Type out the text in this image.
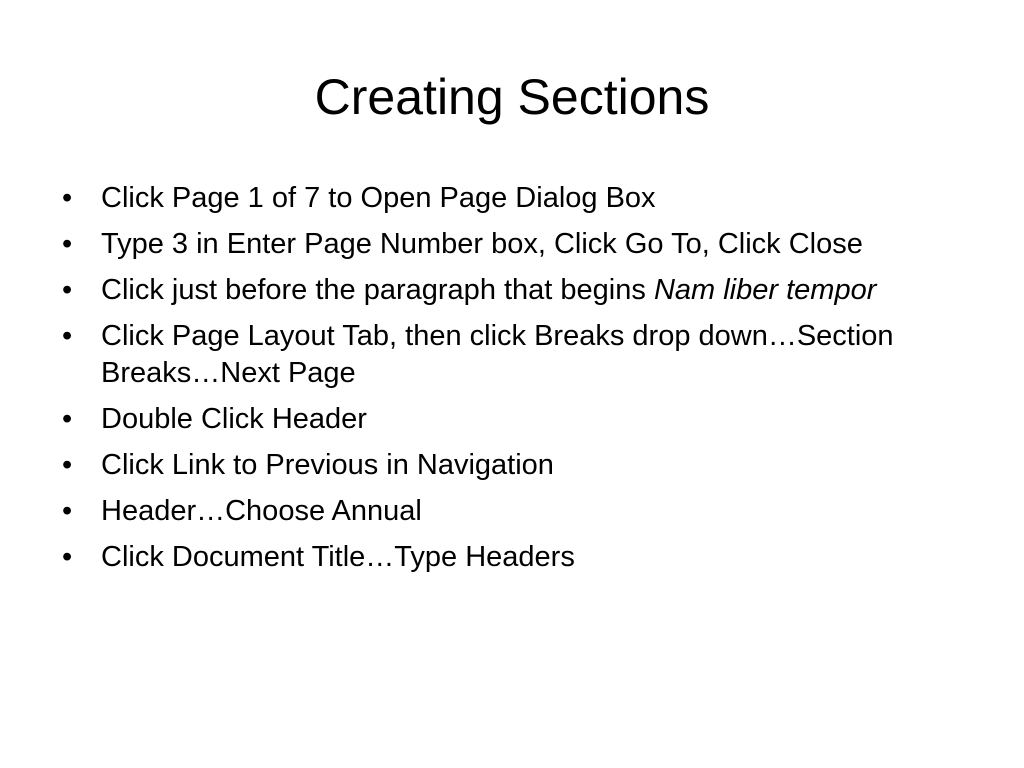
Creating Sections
• Click Page 1 of 7 to Open Page Dialog Box
• Type 3 in Enter Page Number box, Click Go To, Click Close
• Click just before the paragraph that begins Nam liber tempor
• Click Page Layout Tab, then click Breaks drop down…Section Breaks…Next Page
• Double Click Header
• Click Link to Previous in Navigation
• Header…Choose Annual
• Click Document Title…Type Headers
